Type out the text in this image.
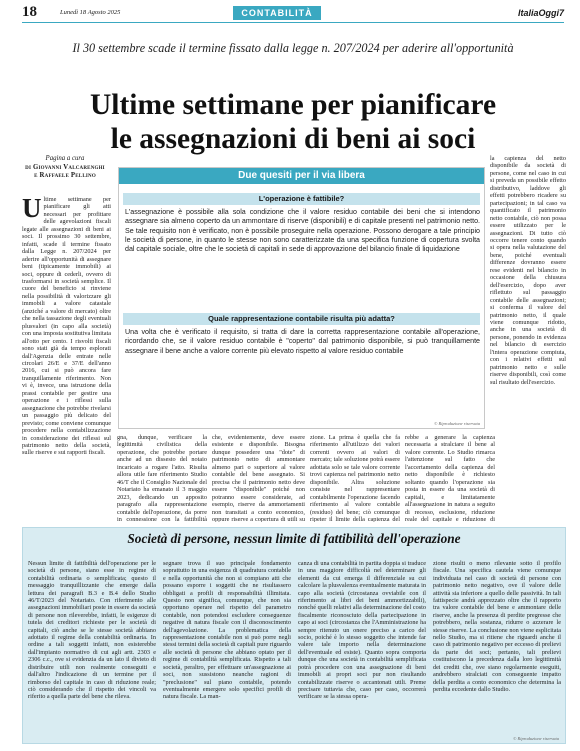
18	Lunedì 18 Agosto 2025	CONTABILITÀ	ItaliaOggi7
Il 30 settembre scade il termine fissato dalla legge n. 207/2024 per aderire all'opportunità
Ultime settimane per pianificare
le assegnazioni di beni ai soci
Pagina a cura
di Giovanni Valcarenghi
e Raffaele Pellino
Ultime settimane per pianificare gli atti necessari per profittare delle agevolazioni fiscali legate alle assegnazioni di beni ai soci. Il prossimo 30 settembre, infatti, scade il termine fissato dalla Legge n. 207/2024 per aderire all'opportunità di assegnare beni (tipicamente immobili) ai soci, oppure di cederli, ovvero di trasformarsi in società semplice. Il cuore del beneficio si rinviene nella possibilità di valorizzare gli immobili a valore catastale (anziché a valore di mercato) oltre che nella tassazione degli eventuali plusvalori (in capo alla società) con una imposta sostitutiva limitata all'otto per cento. I risvolti fiscali sono stati già da tempo esplorati dall'Agenzia delle entrate nelle circolari 26/E e 37/E dell'anno 2016, cui si può ancora fare tranquillamente riferimento. Non vi è, invece, una istruzione della prassi contabile per gestire una operazione e i riflessi sulla assegnazione che potrebbe rivelarsi un passaggio più delicato del previsto; come conviene comunque procedere nella contabilizzazione in considerazione dei riflessi sul patrimonio netto della società, sulle riserve e sui rapporti fiscali.
gna, dunque, verificare la legittimità civilistica della operazione, che potrebbe portare anche ad un dissesto del notaio incaricato a rogare l'atto. Risulta allora utile fare riferimento Studio 46/T che il Consiglio Nazionale del Notariato ha emanato il 3 maggio 2023, dedicando un apposito paragrafo alla rappresentazione contabile dell'operazione, da porre in connessione con la fattibilità
che, evidentemente, deve essere esistente e disponibile. Bisogna dunque possedere una "dote" di patrimonio netto di ammontare almeno pari o superiore al valore contabile del bene assegnato. Si precisa che il patrimonio netto deve essere "disponibile" poiché non potranno essere considerate, ad esempio, riserve da ammortamenti non transitati a conto economico, oppure riserve a copertura di utili su
zione. La prima è quella che fa riferimento all'utilizzo dei valori correnti ovvero ai valori di mercato; tale soluzione potrà essere adottata solo se tale valore corrente trovi capienza nel patrimonio netto disponibile. Altra soluzione consiste nel rappresentare contabilmente l'operazione facendo riferimento al valore contabile (residuo) del bene; ciò comunque ripeter il limite della capienza del
rebbe a generare la capienza necessaria a stralciare il bene al valore corrente. Lo Studio rimarca l'attenzione sul fatto che l'accertamento della capienza del netto disponibile è richiesto soltanto quando l'operazione sia posta in essere da una società di capitali, e limitatamente all'assegnazione in natura a seguito di recesso, esclusione, riduzione reale del capitale e riduzione di
la capienza del netto disponibile da società di persone, come nel caso in cui si preveda un possibile effetto distributivo, laddove gli effetti potrebbero ricadere su partecipazioni; in tal caso va quantificato il patrimonio netto contabile, ciò non possa essere utilizzato per le assegnazioni. Di tutto ciò occorre tenere conto quando si opera nella valutazione del bene, poiché eventuali differenze dovranno essere rese evidenti nel bilancio in occasione della chiusura dell'esercizio, dopo aver riflettuto sul passaggio contabile delle assegnazioni; si conferma il valore del patrimonio netto, il quale viene comunque ridotto, anche in una società di persone, ponendo in evidenza nel bilancio di esercizio l'intera operazione compiuta, con i relativi effetti sul patrimonio netto e sulle riserve disponibili, così come sul risultato dell'esercizio.
Due quesiti per il via libera
L'operazione è fattibile?
L'assegnazione è possibile alla sola condizione che il valore residuo contabile dei beni che si intendono assegnare sia almeno coperto da un ammontare di riserve (disponibili) e di capitale presenti nel patrimonio netto. Se tale requisito non è verificato, non è possibile proseguire nella operazione. Possono derogare a tale principio le società di persone, in quanto le stesse non sono caratterizzate da una specifica funzione di copertura svolta dal capitale sociale, oltre che le società di capitali in sede di approvazione del bilancio finale di liquidazione
Quale rappresentazione contabile risulta più adatta?
Una volta che è verificato il requisito, si tratta di dare la corretta rappresentazione contabile all'operazione, ricordando che, se il valore residuo contabile è "coperto" dal patrimonio disponibile, si può tranquillamente assegnare il bene anche a valore corrente più elevato rispetto al valore residuo contabile
© Riproduzione riservata
Società di persone, nessun limite di fattibilità dell'operazione
Nessun limite di fattibilità dell'operazione per le società di persone, siano esse in regime di contabilità ordinaria o semplificata; questo il messaggio tranquillizzante che emerge dalla lettura dei paragrafi B.3 e B.4 dello Studio 46/T/2023 del Notariato. Con riferimento alle assegnazioni immobiliari poste in essere da società di persone non rileverebbe, infatti, le esigenze di tutela dei creditori richieste per le società di capitali, ciò anche se le stesse società abbiano adottato il regime della contabilità ordinaria. In ordine a tali soggetti infatti, non esisterebbe dall'impianto normativo di cui agli artt. 2303 e 2306 c.c., ove si evidenzia da un lato il divieto di distribuire utili non realmente conseguiti e dall'altro l'indicazione di un termine per il rimborso del capitale in caso di riduzione reale; ciò considerando che il rispetto dei vincoli va riferito a quella parte del bene che rileva.
segnare trova il suo principale fondamento soprattutto in una esigenza di quadratura contabile e nella opportunità che non si compiano atti che possano esporre i soggetti che ne risultassero obbligati a profili di responsabilità illimitata. Questo non significa, comunque, che non sia opportuno operare nel rispetto del parametro contabile, non potendosi escludere conseguenze negative di natura fiscale con il disconoscimento dell'agevolazione. La problematica della rappresentazione contabile non si può porre negli stessi termini della società di capitali pure riguardo alle società di persone che abbiano optato per il regime di contabilità semplificata. Rispetto a tali società, peraltro, per effettuare un'assegnazione ai soci, non sussistono neanche ragioni di "preclusione" sul piano contabile, potendo eventualmente emergere solo specifici profili di natura fiscale. La man-
canza di una contabilità in partita doppia si traduce in una maggiore difficoltà nel determinare gli elementi da cui emerga il differenziale su cui calcolare la plusvalenza eventualmente maturata in capo alla società (circostanza ovviabile con il riferimento ai libri dei beni ammortizzabili), nonché quelli relativi alla determinazione del costo fiscalmente riconosciuto della partecipazione in capo ai soci (circostanza che l'Amministrazione ha sempre ritenuto un onere preciso a carico del socio, poiché è lo stesso soggetto che intende far valere tale importo nella determinazione dell'eventuale ed esiste). Quanto sopra comporta dunque che una società in contabilità semplificata potrà procedere con una assegnazione di beni immobili ai propri soci pur non risultando contabilizzate riserve o accantonati utili. Preme precisare tuttavia che, caso per caso, occorrerà verificare se la stessa opera-
zione risulti o meno rilevante sotto il profilo fiscale. Una specifica cautela viene comunque individuata nel caso di società di persone con patrimonio netto negativo, ove il valore delle attività sia inferiore a quello delle passività. In tali fattispecie andrà apprezzato oltre che il rapporto tra valore contabile del bene e ammontare delle riserve, anche la presenza di perdite pregresse che potrebbero, nella sostanza, ridurre o azzerare le stesse riserve. La conclusione non viene esplicitata nello Studio, ma si ritiene che riguardi anche il caso di patrimonio negativo per eccesso di prelievi da parte dei soci; pertanto, tali prelievi costituiscono la precedenza dalla loro legittimità dei crediti che, ove siano regolarmente eseguiti, andrebbero stralciati con conseguente impatto della perdita a conto economico che determina la perdita eccedente dallo Studio.
© Riproduzione riservata
